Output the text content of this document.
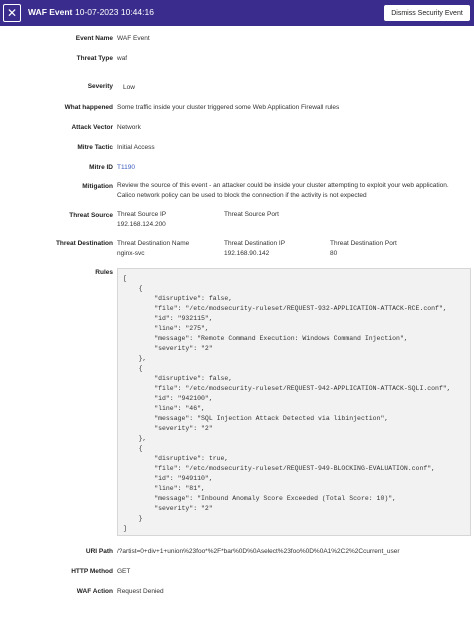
✕ WAF Event 10-07-2023 10:44:16	Dismiss Security Event
Event Name WAF Event
Threat Type waf
Severity Low
What happened Some traffic inside your cluster triggered some Web Application Firewall rules
Attack Vector Network
Mitre Tactic Initial Access
Mitre ID T1190
Mitigation Review the source of this event - an attacker could be inside your cluster attempting to exploit your web application. Calico network policy can be used to block the connection if the activity is not expected
Threat Source Threat Source IP
192.168.124.200
Threat Source Port
Threat Destination Threat Destination Name
nginx-svc
Threat Destination IP
192.168.90.142
Threat Destination Port
80
Rules
[
{
"disruptive": false,
"file": "/etc/modsecurity-ruleset/REQUEST-932-APPLICATION-ATTACK-RCE.conf",
"id": "932115",
"line": "275",
"message": "Remote Command Execution: Windows Command Injection",
"severity": "2"
},
{
"disruptive": false,
"file": "/etc/modsecurity-ruleset/REQUEST-942-APPLICATION-ATTACK-SQLI.conf",
"id": "942100",
"line": "46",
"message": "SQL Injection Attack Detected via libinjection",
"severity": "2"
},
{
"disruptive": true,
"file": "/etc/modsecurity-ruleset/REQUEST-949-BLOCKING-EVALUATION.conf",
"id": "949110",
"line": "81",
"message": "Inbound Anomaly Score Exceeded (Total Score: 10)",
"severity": "2"
}
]
URI Path /?artist=0+div+1+union%23foo*%2F*bar%0D%0Aselect%23foo%0D%0A1%2C2%2Ccurrent_user
HTTP Method GET
WAF Action Request Denied
